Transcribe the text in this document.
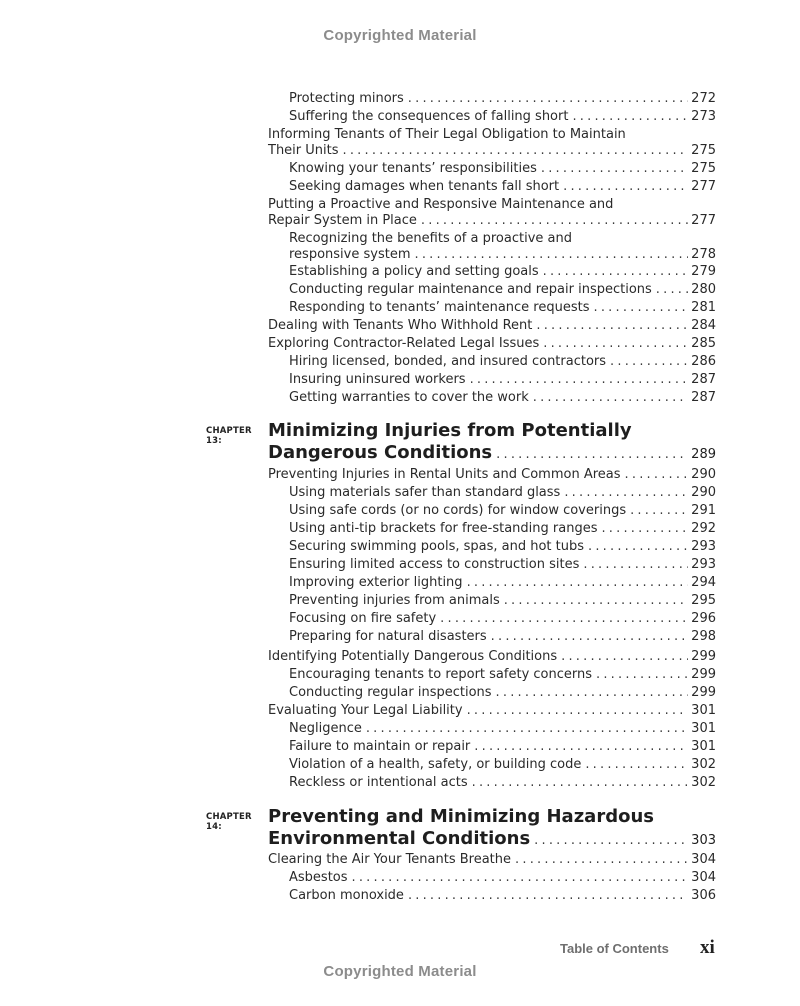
Copyrighted Material
Protecting minors .....	272
Suffering the consequences of falling short .....	273
Informing Tenants of Their Legal Obligation to Maintain
Their Units .....	275
Knowing your tenants’ responsibilities .....	275
Seeking damages when tenants fall short .....	277
Putting a Proactive and Responsive Maintenance and
Repair System in Place .....	277
Recognizing the benefits of a proactive and
responsive system .....	278
Establishing a policy and setting goals .....	279
Conducting regular maintenance and repair inspections .....	280
Responding to tenants’ maintenance requests .....	281
Dealing with Tenants Who Withhold Rent .....	284
Exploring Contractor-Related Legal Issues .....	285
Hiring licensed, bonded, and insured contractors .....	286
Insuring uninsured workers .....	287
Getting warranties to cover the work .....	287
CHAPTER 13:	Minimizing Injuries from Potentially
Dangerous Conditions .....	289
Preventing Injuries in Rental Units and Common Areas .....	290
Using materials safer than standard glass .....	290
Using safe cords (or no cords) for window coverings .....	291
Using anti-tip brackets for free-standing ranges .....	292
Securing swimming pools, spas, and hot tubs .....	293
Ensuring limited access to construction sites .....	293
Improving exterior lighting .....	294
Preventing injuries from animals .....	295
Focusing on fire safety .....	296
Preparing for natural disasters .....	298
Identifying Potentially Dangerous Conditions .....	299
Encouraging tenants to report safety concerns .....	299
Conducting regular inspections .....	299
Evaluating Your Legal Liability .....	301
Negligence .....	301
Failure to maintain or repair .....	301
Violation of a health, safety, or building code .....	302
Reckless or intentional acts .....	302
CHAPTER 14:	Preventing and Minimizing Hazardous
Environmental Conditions .....	303
Clearing the Air Your Tenants Breathe .....	304
Asbestos .....	304
Carbon monoxide .....	306
Table of Contents xi
Copyrighted Material
